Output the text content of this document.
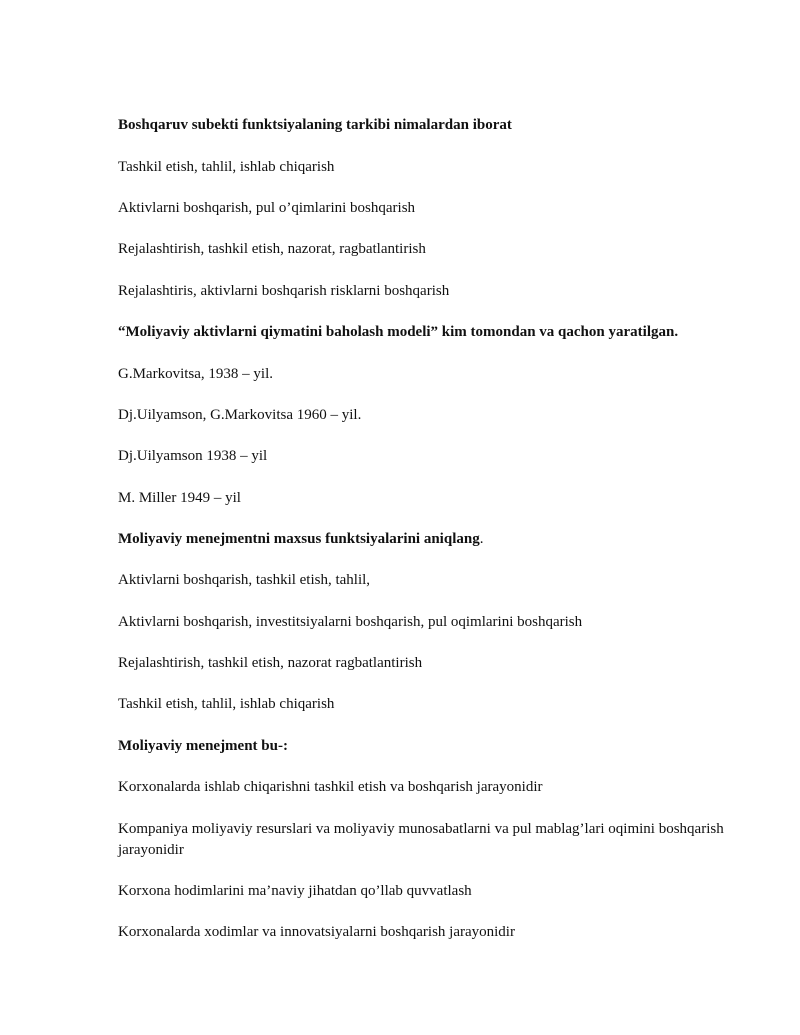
Boshqaruv subekti funktsiyalaning tarkibi nimalardan iborat
Tashkil etish, tahlil, ishlab chiqarish
Aktivlarni boshqarish, pul o’qimlarini boshqarish
Rejalashtirish, tashkil etish, nazorat, ragbatlantirish
Rejalashtiris, aktivlarni boshqarish risklarni boshqarish
“Moliyaviy aktivlarni qiymatini baholash modeli” kim tomondan va qachon yaratilgan.
G.Markovitsa, 1938 – yil.
Dj.Uilyamson, G.Markovitsa 1960 – yil.
Dj.Uilyamson 1938 – yil
M. Miller 1949 – yil
Moliyaviy menejmentni maxsus funktsiyalarini aniqlang.
Aktivlarni boshqarish, tashkil etish, tahlil,
Aktivlarni boshqarish, investitsiyalarni boshqarish, pul oqimlarini boshqarish
Rejalashtirish, tashkil etish, nazorat ragbatlantirish
Tashkil etish, tahlil, ishlab chiqarish
Moliyaviy menejment bu-:
Korxonalarda ishlab chiqarishni tashkil etish va boshqarish jarayonidir
Kompaniya moliyaviy resurslari va moliyaviy munosabatlarni va pul mablag’lari oqimini boshqarish jarayonidir
Korxona hodimlarini ma’naviy jihatdan qo’llab quvvatlash
Korxonalarda xodimlar va innovatsiyalarni boshqarish jarayonidir
